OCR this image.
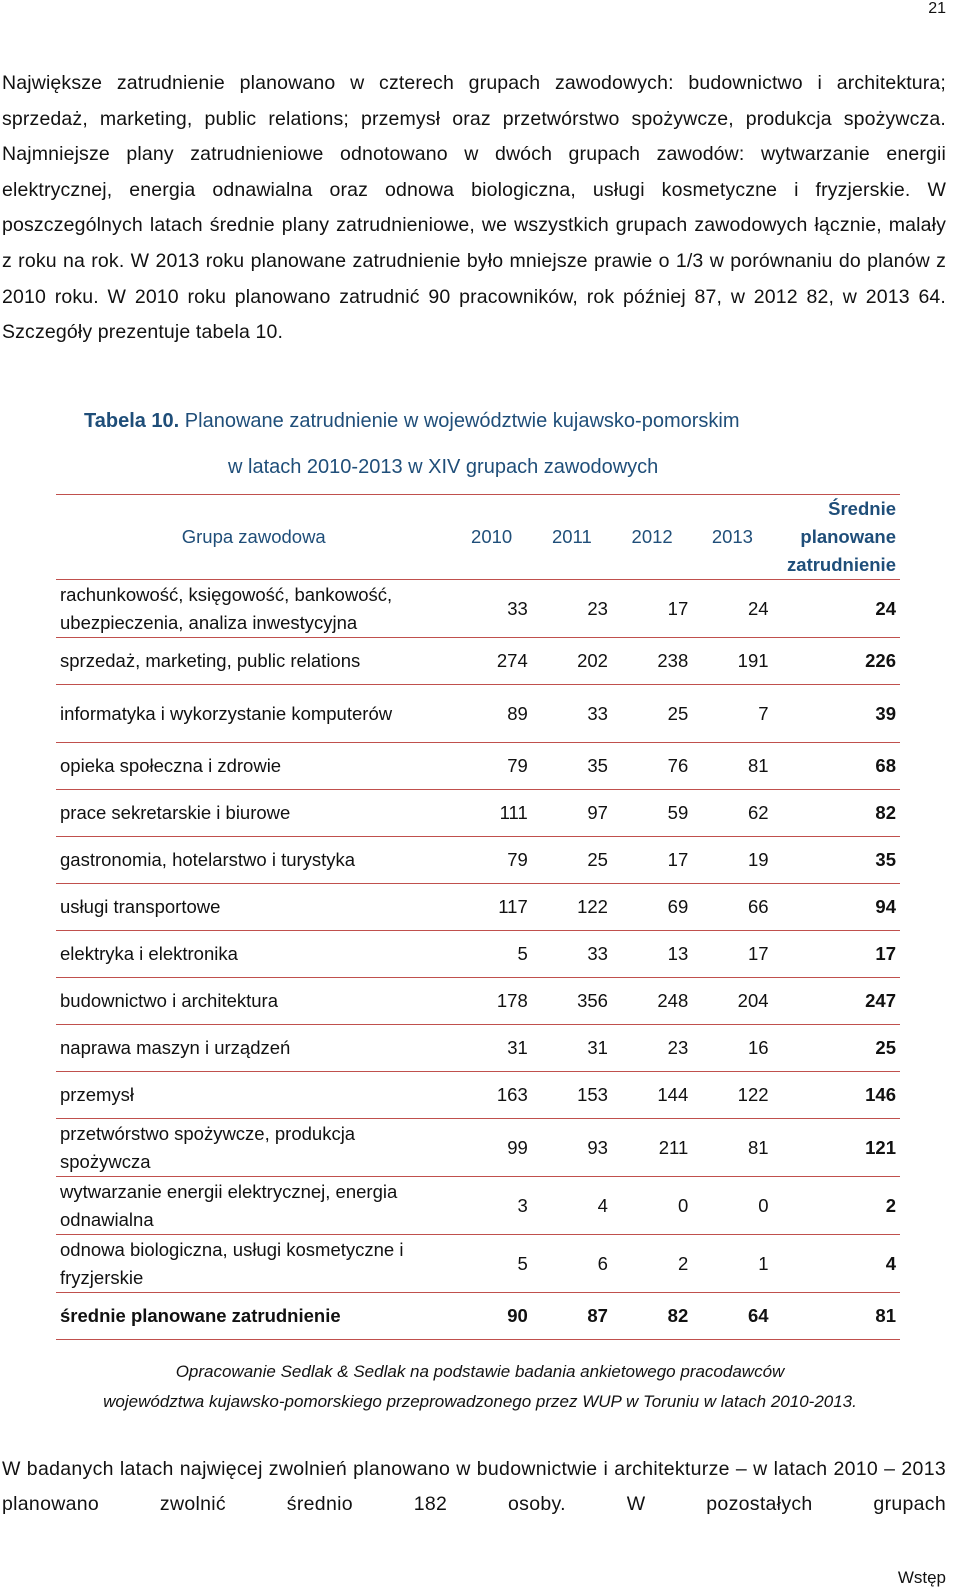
21
Największe zatrudnienie planowano w czterech grupach zawodowych: budownictwo i architektura; sprzedaż, marketing, public relations; przemysł oraz przetwórstwo spożywcze, produkcja spożywcza. Najmniejsze plany zatrudnieniowe odnotowano w dwóch grupach zawodów: wytwarzanie energii elektrycznej, energia odnawialna oraz odnowa biologiczna, usługi kosmetyczne i fryzjerskie. W poszczególnych latach średnie plany zatrudnieniowe, we wszystkich grupach zawodowych łącznie, malały z roku na rok. W 2013 roku planowane zatrudnienie było mniejsze prawie o 1/3 w porównaniu do planów z 2010 roku. W 2010 roku planowano zatrudnić 90 pracowników, rok później 87, w 2012 82, w 2013 64. Szczegóły prezentuje tabela 10.
Tabela 10. Planowane zatrudnienie w województwie kujawsko-pomorskim
w latach 2010-2013 w XIV grupach zawodowych
Grupa zawodowa	2010	2011	2012	2013	Średnie planowane zatrudnienie
rachunkowość, księgowość, bankowość, ubezpieczenia, analiza inwestycyjna	33	23	17	24	24
sprzedaż, marketing, public relations	274	202	238	191	226
informatyka i wykorzystanie komputerów	89	33	25	7	39
opieka społeczna i zdrowie	79	35	76	81	68
prace sekretarskie i biurowe	111	97	59	62	82
gastronomia, hotelarstwo i turystyka	79	25	17	19	35
usługi transportowe	117	122	69	66	94
elektryka i elektronika	5	33	13	17	17
budownictwo i architektura	178	356	248	204	247
naprawa maszyn i urządzeń	31	31	23	16	25
przemysł	163	153	144	122	146
przetwórstwo spożywcze, produkcja spożywcza	99	93	211	81	121
wytwarzanie energii elektrycznej, energia odnawialna	3	4	0	0	2
odnowa biologiczna, usługi kosmetyczne i fryzjerskie	5	6	2	1	4
średnie planowane zatrudnienie	90	87	82	64	81
Opracowanie Sedlak & Sedlak na podstawie badania ankietowego pracodawców
województwa kujawsko-pomorskiego przeprowadzonego przez WUP w Toruniu w latach 2010-2013.
W badanych latach najwięcej zwolnień planowano w budownictwie i architekturze – w latach 2010 – 2013 planowano zwolnić średnio 182 osoby. W pozostałych grupach
Wstęp
